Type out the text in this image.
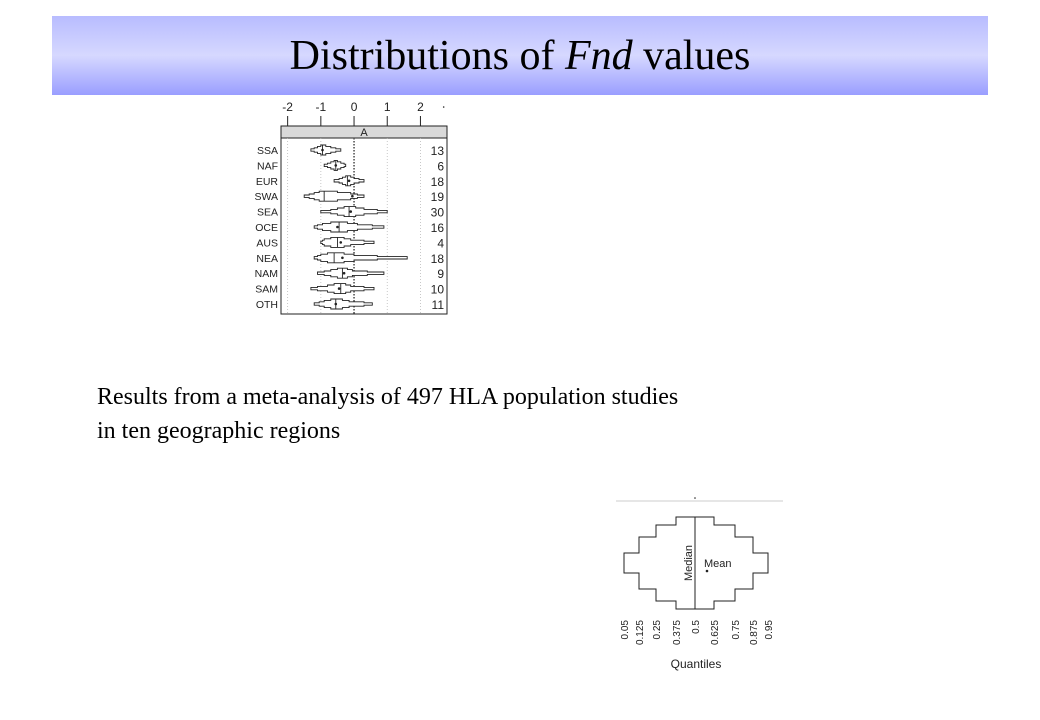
Distributions of Fnd values
-2 -1 0 1 2
A
SSA	13
NAF	6
EUR	18
SWA	19
SEA	30
OCE	16
AUS	4
NEA	18
NAM	9
SAM	10
OTH	11
Results from a meta-analysis of 497 HLA population studies
in ten geographic regions
Median Mean
0.05 0.125 0.25 0.375 0.5 0.625 0.75 0.875 0.95
Quantiles
